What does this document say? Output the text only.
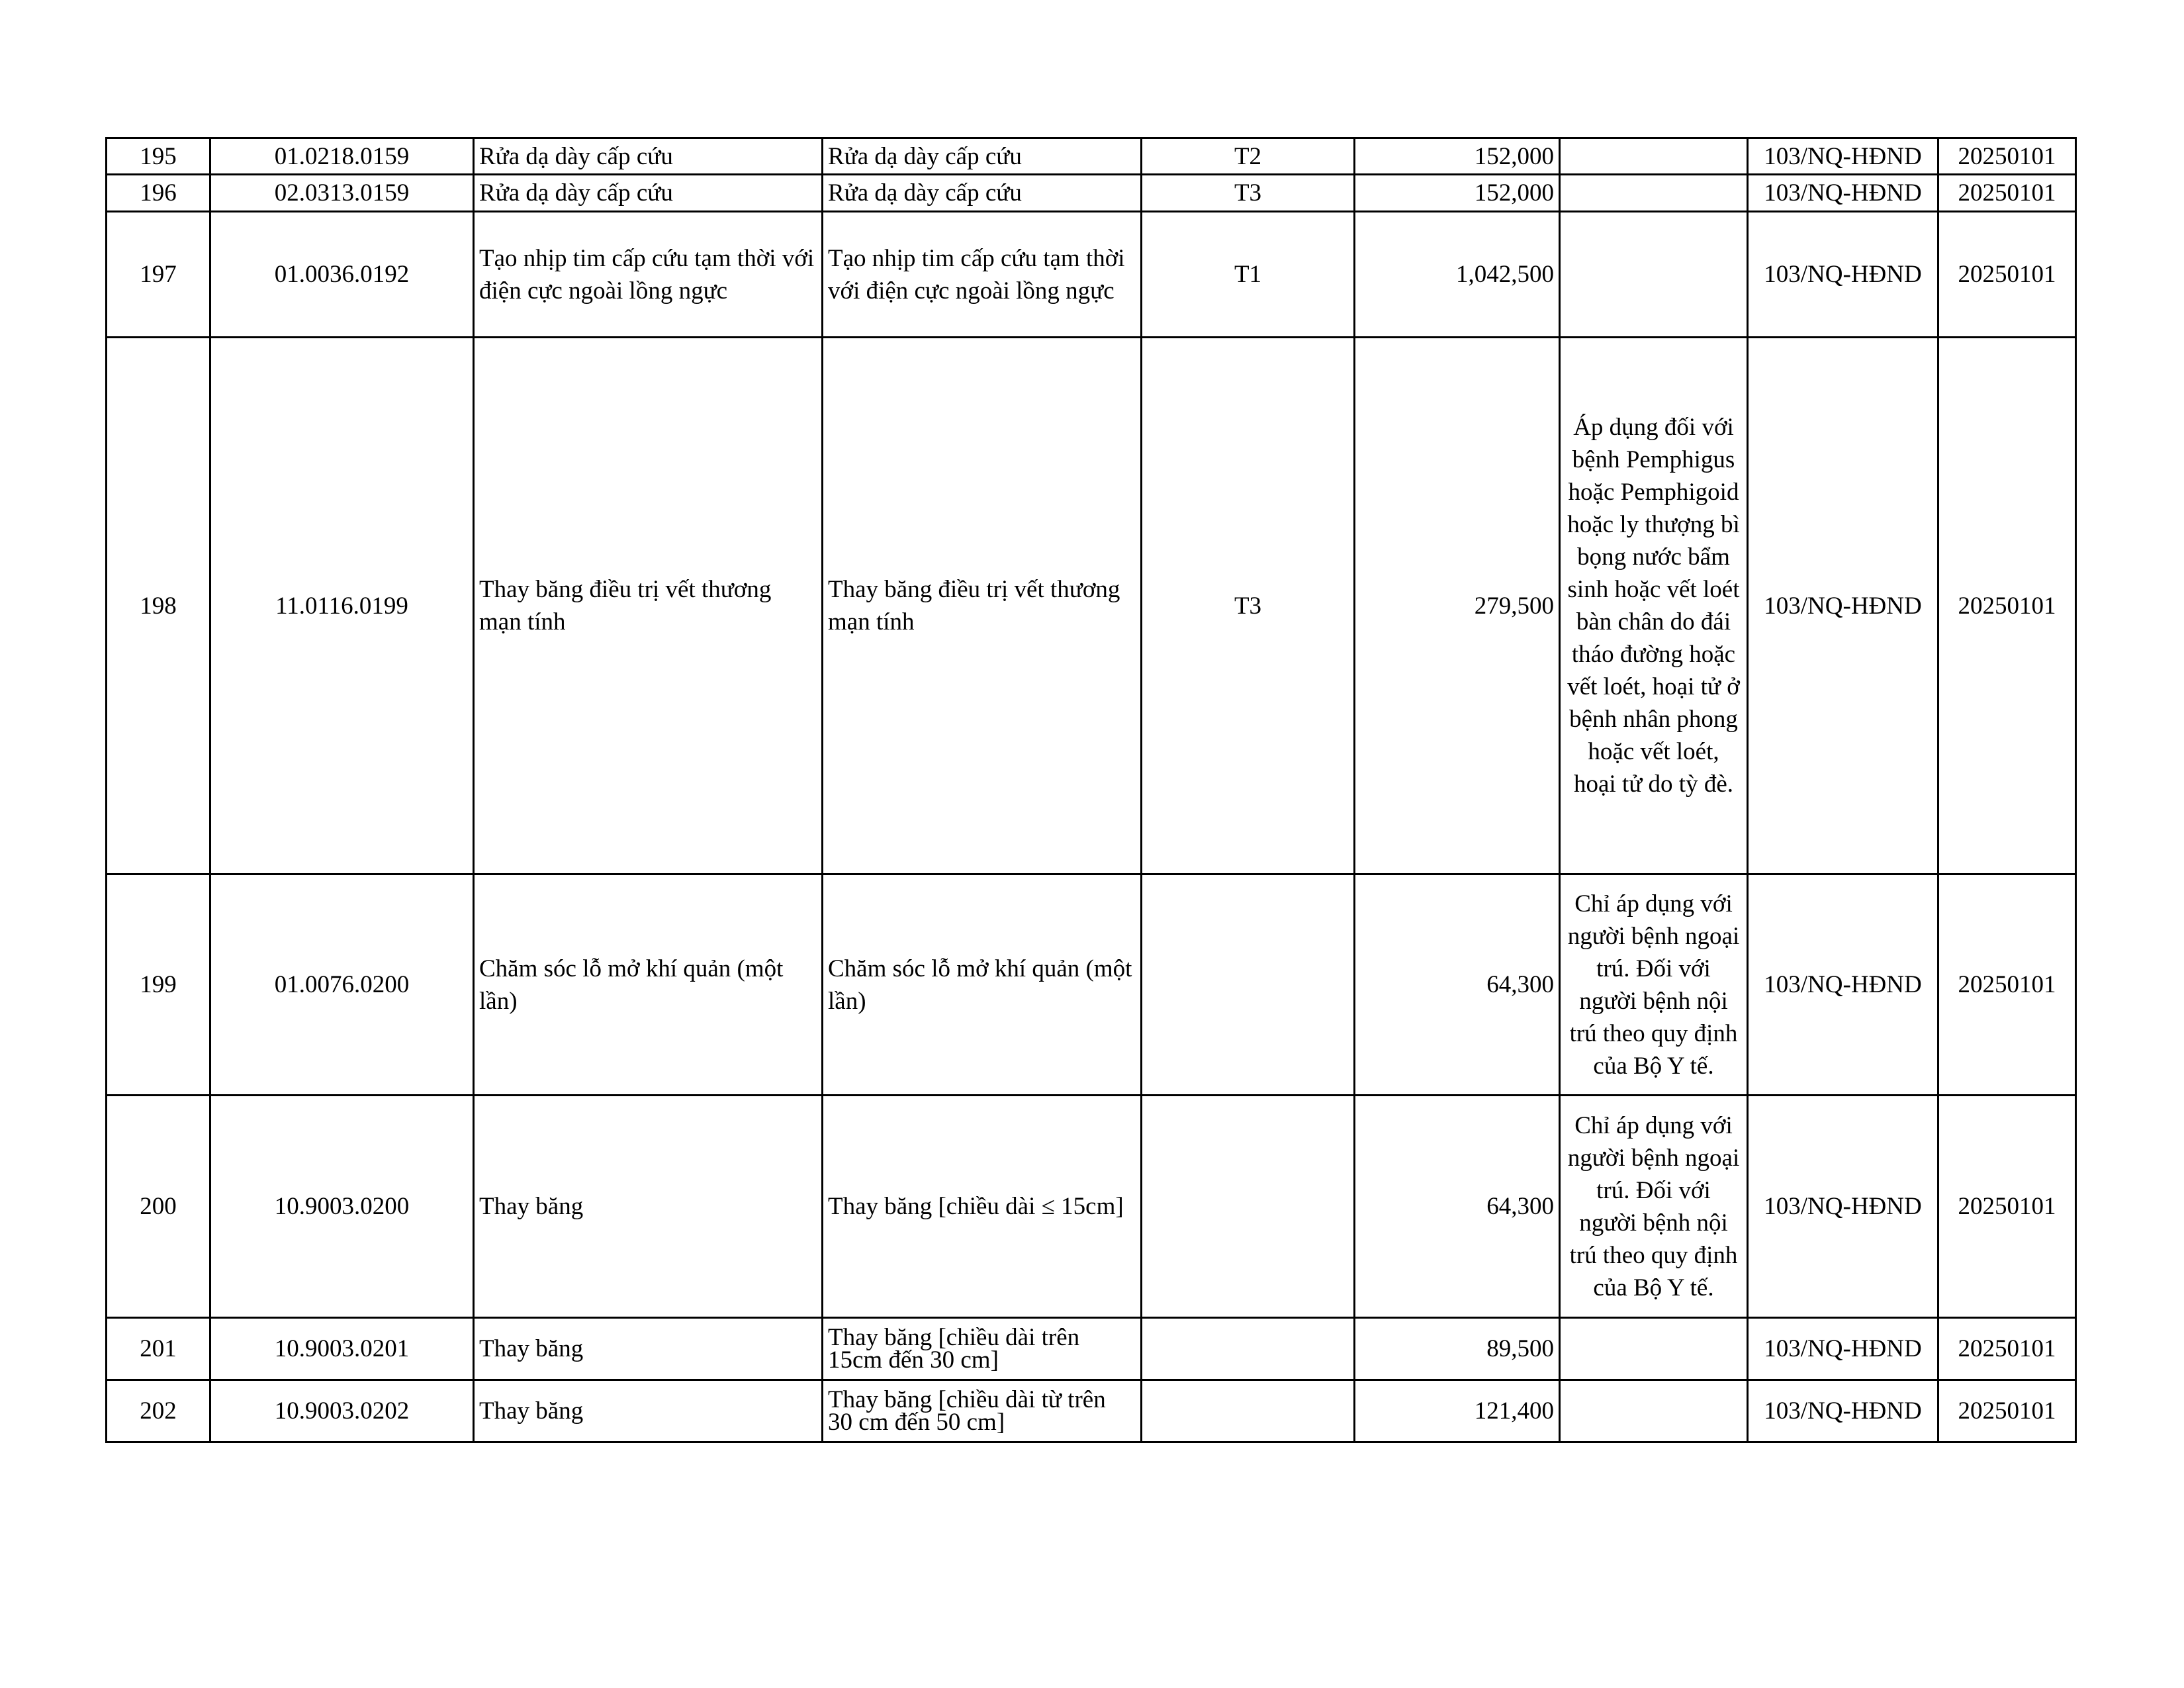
195	01.0218.0159	Rửa dạ dày cấp cứu	Rửa dạ dày cấp cứu	T2	152,000		103/NQ-HĐND	20250101
196	02.0313.0159	Rửa dạ dày cấp cứu	Rửa dạ dày cấp cứu	T3	152,000		103/NQ-HĐND	20250101
197	01.0036.0192	Tạo nhịp tim cấp cứu tạm thời với điện cực ngoài lồng ngực	Tạo nhịp tim cấp cứu tạm thời với điện cực ngoài lồng ngực	T1	1,042,500		103/NQ-HĐND	20250101
198	11.0116.0199	Thay băng điều trị vết thương mạn tính	Thay băng điều trị vết thương mạn tính	T3	279,500	Áp dụng đối với bệnh Pemphigus hoặc Pemphigoid hoặc ly thượng bì bọng nước bẩm sinh hoặc vết loét bàn chân do đái tháo đường hoặc vết loét, hoại tử ở bệnh nhân phong hoặc vết loét, hoại tử do tỳ đè.	103/NQ-HĐND	20250101
199	01.0076.0200	Chăm sóc lỗ mở khí quản (một lần)	Chăm sóc lỗ mở khí quản (một lần)		64,300	Chỉ áp dụng với người bệnh ngoại trú. Đối với người bệnh nội trú theo quy định của Bộ Y tế.	103/NQ-HĐND	20250101
200	10.9003.0200	Thay băng	Thay băng [chiều dài ≤ 15cm]		64,300	Chỉ áp dụng với người bệnh ngoại trú. Đối với người bệnh nội trú theo quy định của Bộ Y tế.	103/NQ-HĐND	20250101
201	10.9003.0201	Thay băng	Thay băng [chiều dài trên 15cm đến 30 cm]		89,500		103/NQ-HĐND	20250101
202	10.9003.0202	Thay băng	Thay băng [chiều dài từ trên 30 cm đến 50 cm]		121,400		103/NQ-HĐND	20250101
